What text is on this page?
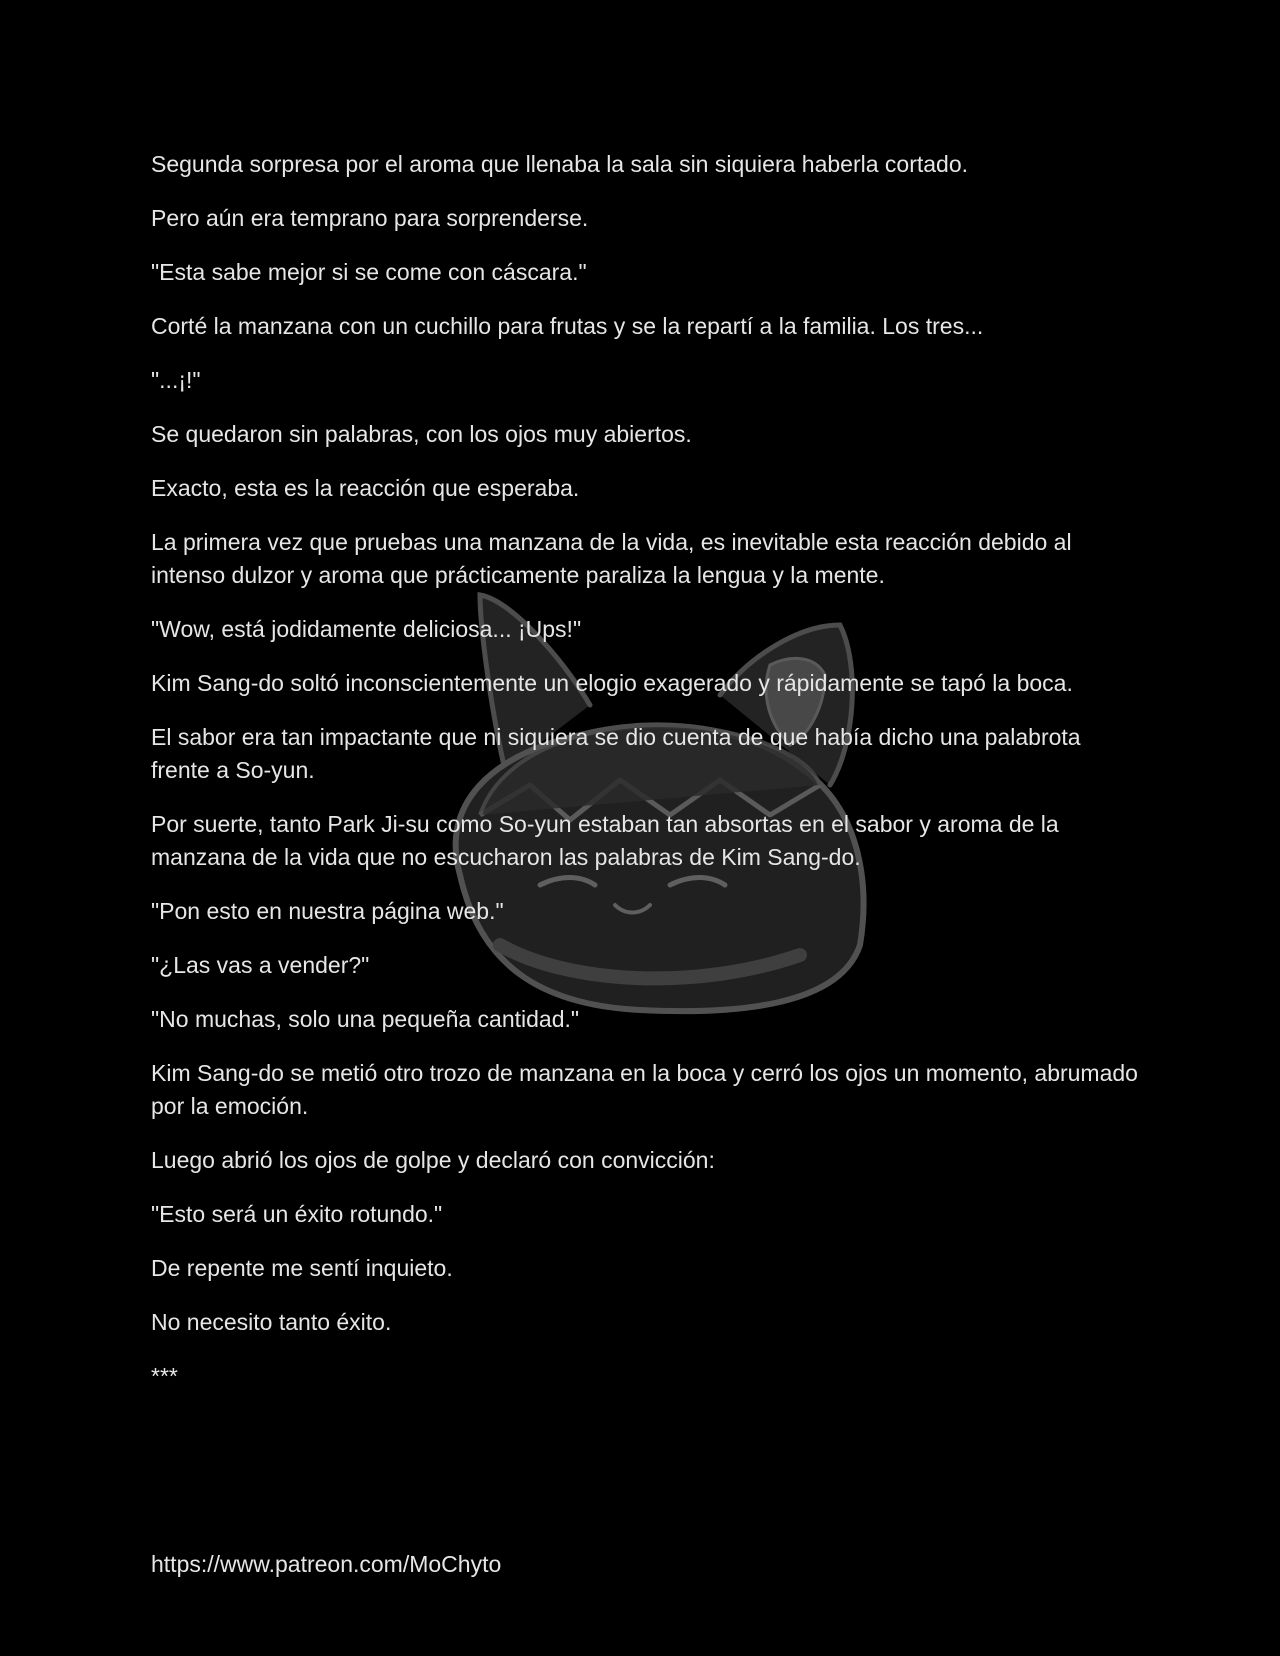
Segunda sorpresa por el aroma que llenaba la sala sin siquiera haberla cortado.

Pero aún era temprano para sorprenderse.

"Esta sabe mejor si se come con cáscara."

Corté la manzana con un cuchillo para frutas y se la repartí a la familia. Los tres...

"...¡!"

Se quedaron sin palabras, con los ojos muy abiertos.

Exacto, esta es la reacción que esperaba.

La primera vez que pruebas una manzana de la vida, es inevitable esta reacción debido al intenso dulzor y aroma que prácticamente paraliza la lengua y la mente.

"Wow, está jodidamente deliciosa... ¡Ups!"

Kim Sang-do soltó inconscientemente un elogio exagerado y rápidamente se tapó la boca.

El sabor era tan impactante que ni siquiera se dio cuenta de que había dicho una palabrota frente a So-yun.

Por suerte, tanto Park Ji-su como So-yun estaban tan absortas en el sabor y aroma de la manzana de la vida que no escucharon las palabras de Kim Sang-do.

"Pon esto en nuestra página web."

"¿Las vas a vender?"

"No muchas, solo una pequeña cantidad."

Kim Sang-do se metió otro trozo de manzana en la boca y cerró los ojos un momento, abrumado por la emoción.

Luego abrió los ojos de golpe y declaró con convicción:

"Esto será un éxito rotundo."

De repente me sentí inquieto.

No necesito tanto éxito.

***

https://www.patreon.com/MoChyto
